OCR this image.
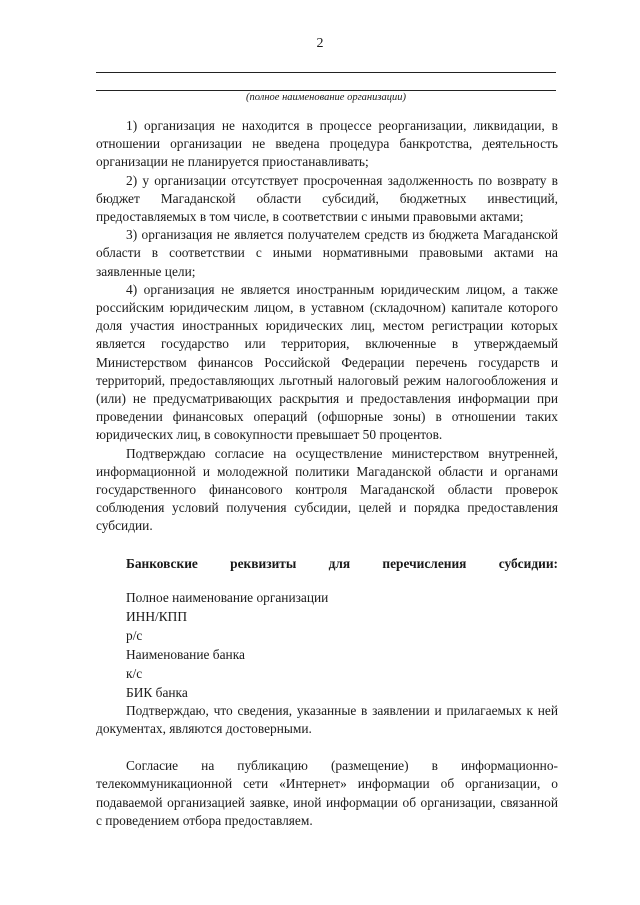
2
(полное наименование организации)

1) организация не находится в процессе реорганизации, ликвидации, в отношении организации не введена процедура банкротства, деятельность организации не планируется приостанавливать;

2) у организации отсутствует просроченная задолженность по возврату в бюджет Магаданской области субсидий, бюджетных инвестиций, предоставляемых в том числе, в соответствии с иными правовыми актами;

3) организация не является получателем средств из бюджета Магаданской области в соответствии с иными нормативными правовыми актами на заявленные цели;

4) организация не является иностранным юридическим лицом, а также российским юридическим лицом, в уставном (складочном) капитале которого доля участия иностранных юридических лиц, местом регистрации которых является государство или территория, включенные в утверждаемый Министерством финансов Российской Федерации перечень государств и территорий, предоставляющих льготный налоговый режим налогообложения и (или) не предусматривающих раскрытия и предоставления информации при проведении финансовых операций (офшорные зоны) в отношении таких юридических лиц, в совокупности превышает 50 процентов.

Подтверждаю согласие на осуществление министерством внутренней, информационной и молодежной политики Магаданской области и органами государственного финансового контроля Магаданской области проверок соблюдения условий получения субсидии, целей и порядка предоставления субсидии.

Банковские реквизиты для перечисления субсидии:
Полное наименование организации
ИНН/КПП
р/с
Наименование банка
к/с
БИК банка

Подтверждаю, что сведения, указанные в заявлении и прилагаемых к ней документах, являются достоверными.

Согласие на публикацию (размещение) в информационно-телекоммуникационной сети «Интернет» информации об организации, о подаваемой организацией заявке, иной информации об организации, связанной с проведением отбора предоставляем.
